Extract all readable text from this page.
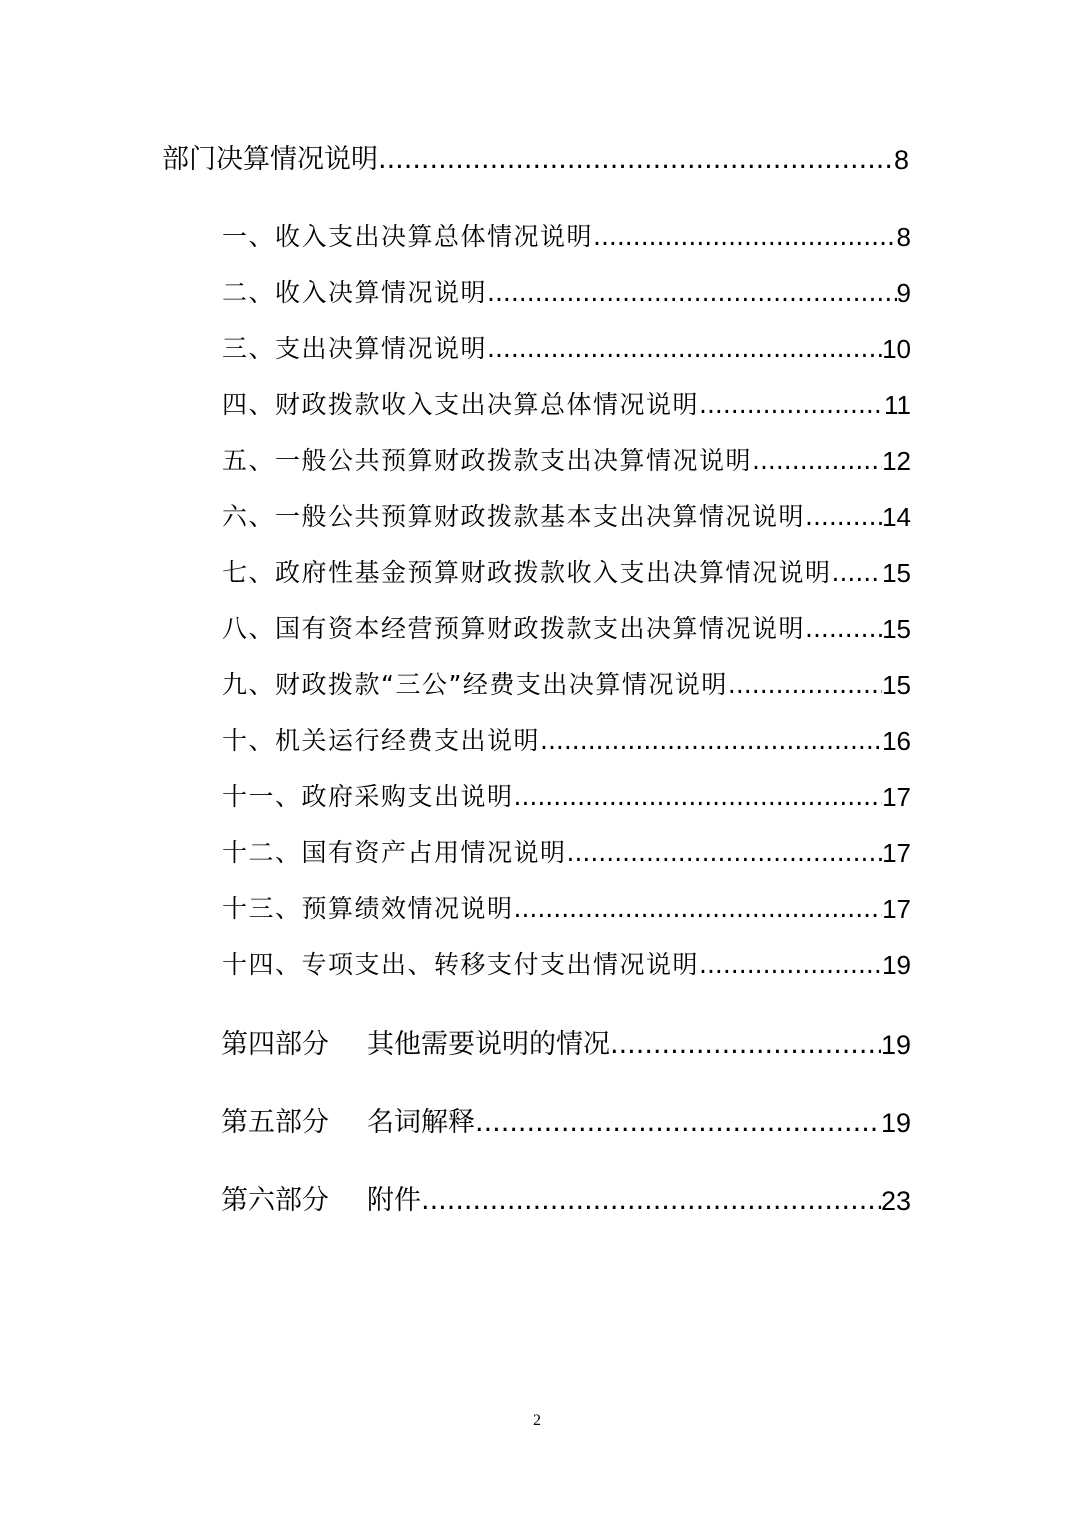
部门决算情况说明 .....	8
一、收入支出决算总体情况说明 .....	8
二、收入决算情况说明 .....	9
三、支出决算情况说明 .....	10
四、财政拨款收入支出决算总体情况说明 .....	11
五、一般公共预算财政拨款支出决算情况说明 .....	12
六、一般公共预算财政拨款基本支出决算情况说明 .....	14
七、政府性基金预算财政拨款收入支出决算情况说明 ..... 15
八、国有资本经营预算财政拨款支出决算情况说明 .....	15
九、财政拨款“三公”经费支出决算情况说明 .....	15
十、机关运行经费支出说明 .....	16
十一、政府采购支出说明 .....	17
十二、国有资产占用情况说明 .....	17
十三、预算绩效情况说明 .....	17
十四、专项支出、转移支付支出情况说明 .....	19
第四部分 其他需要说明的情况 .....	19
第五部分 名词解释 .....	19
第六部分 附件 .....	23
2
